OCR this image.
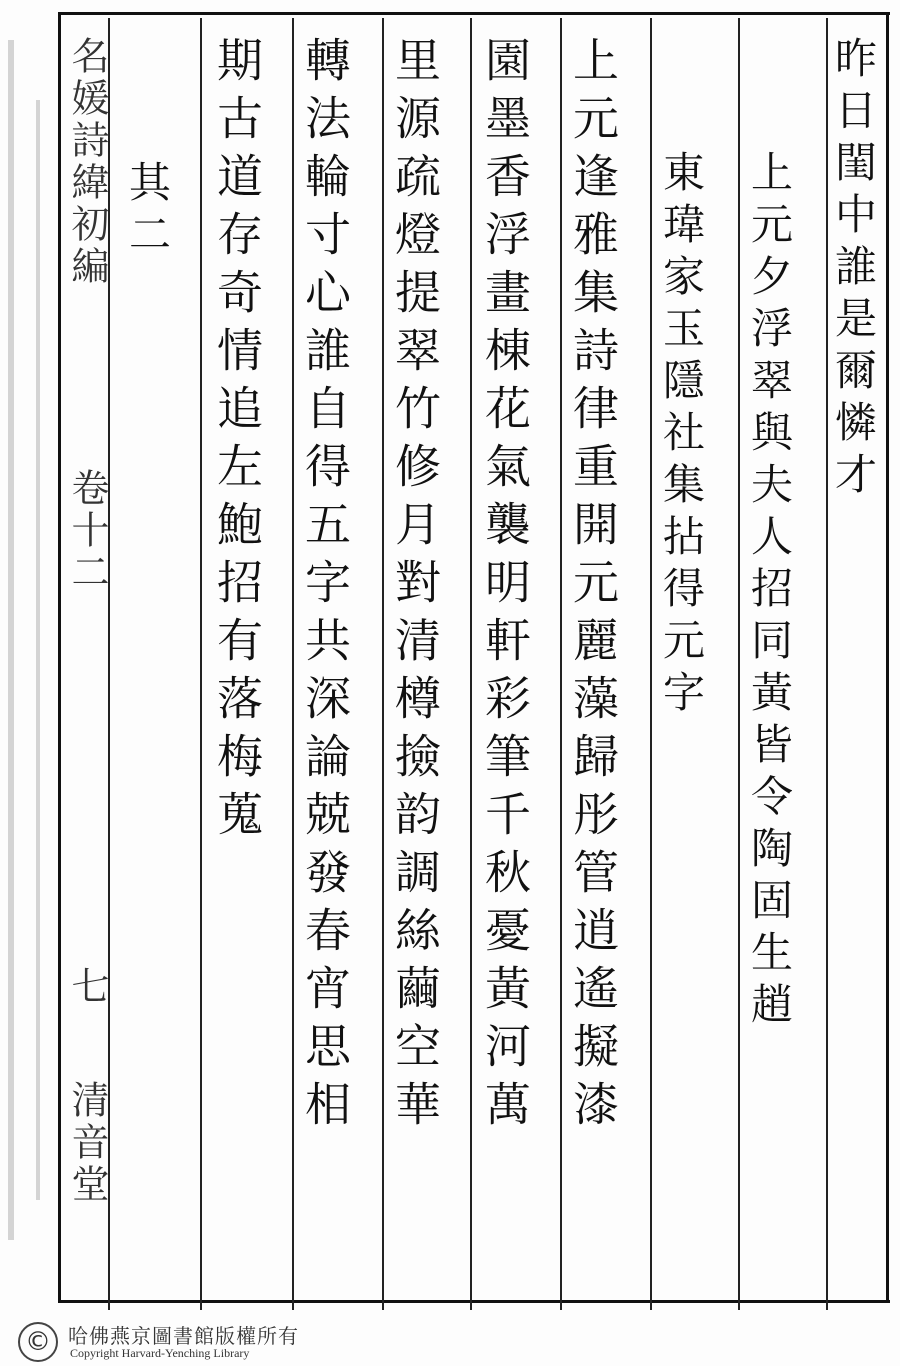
昨日閨中誰是爾憐才
上元夕浮翠與夫人招同黃皆令陶固生趙
東瑋家玉隱社集拈得元字
上元逢雅集詩律重開元麗藻歸彤管逍遙擬漆
園墨香浮畫棟花氣襲明軒彩筆千秋憂黃河萬
里源疏燈提翠竹修月對清樽撿韵調絲繭空華
轉法輪寸心誰自得五字共深論兢發春宵思相
期古道存奇情追左鮑招有落梅蒐
其二
名媛詩緯初編
卷十二
七
清音堂
© 哈佛燕京圖書館版權所有
Copyright Harvard-Yenching Library
